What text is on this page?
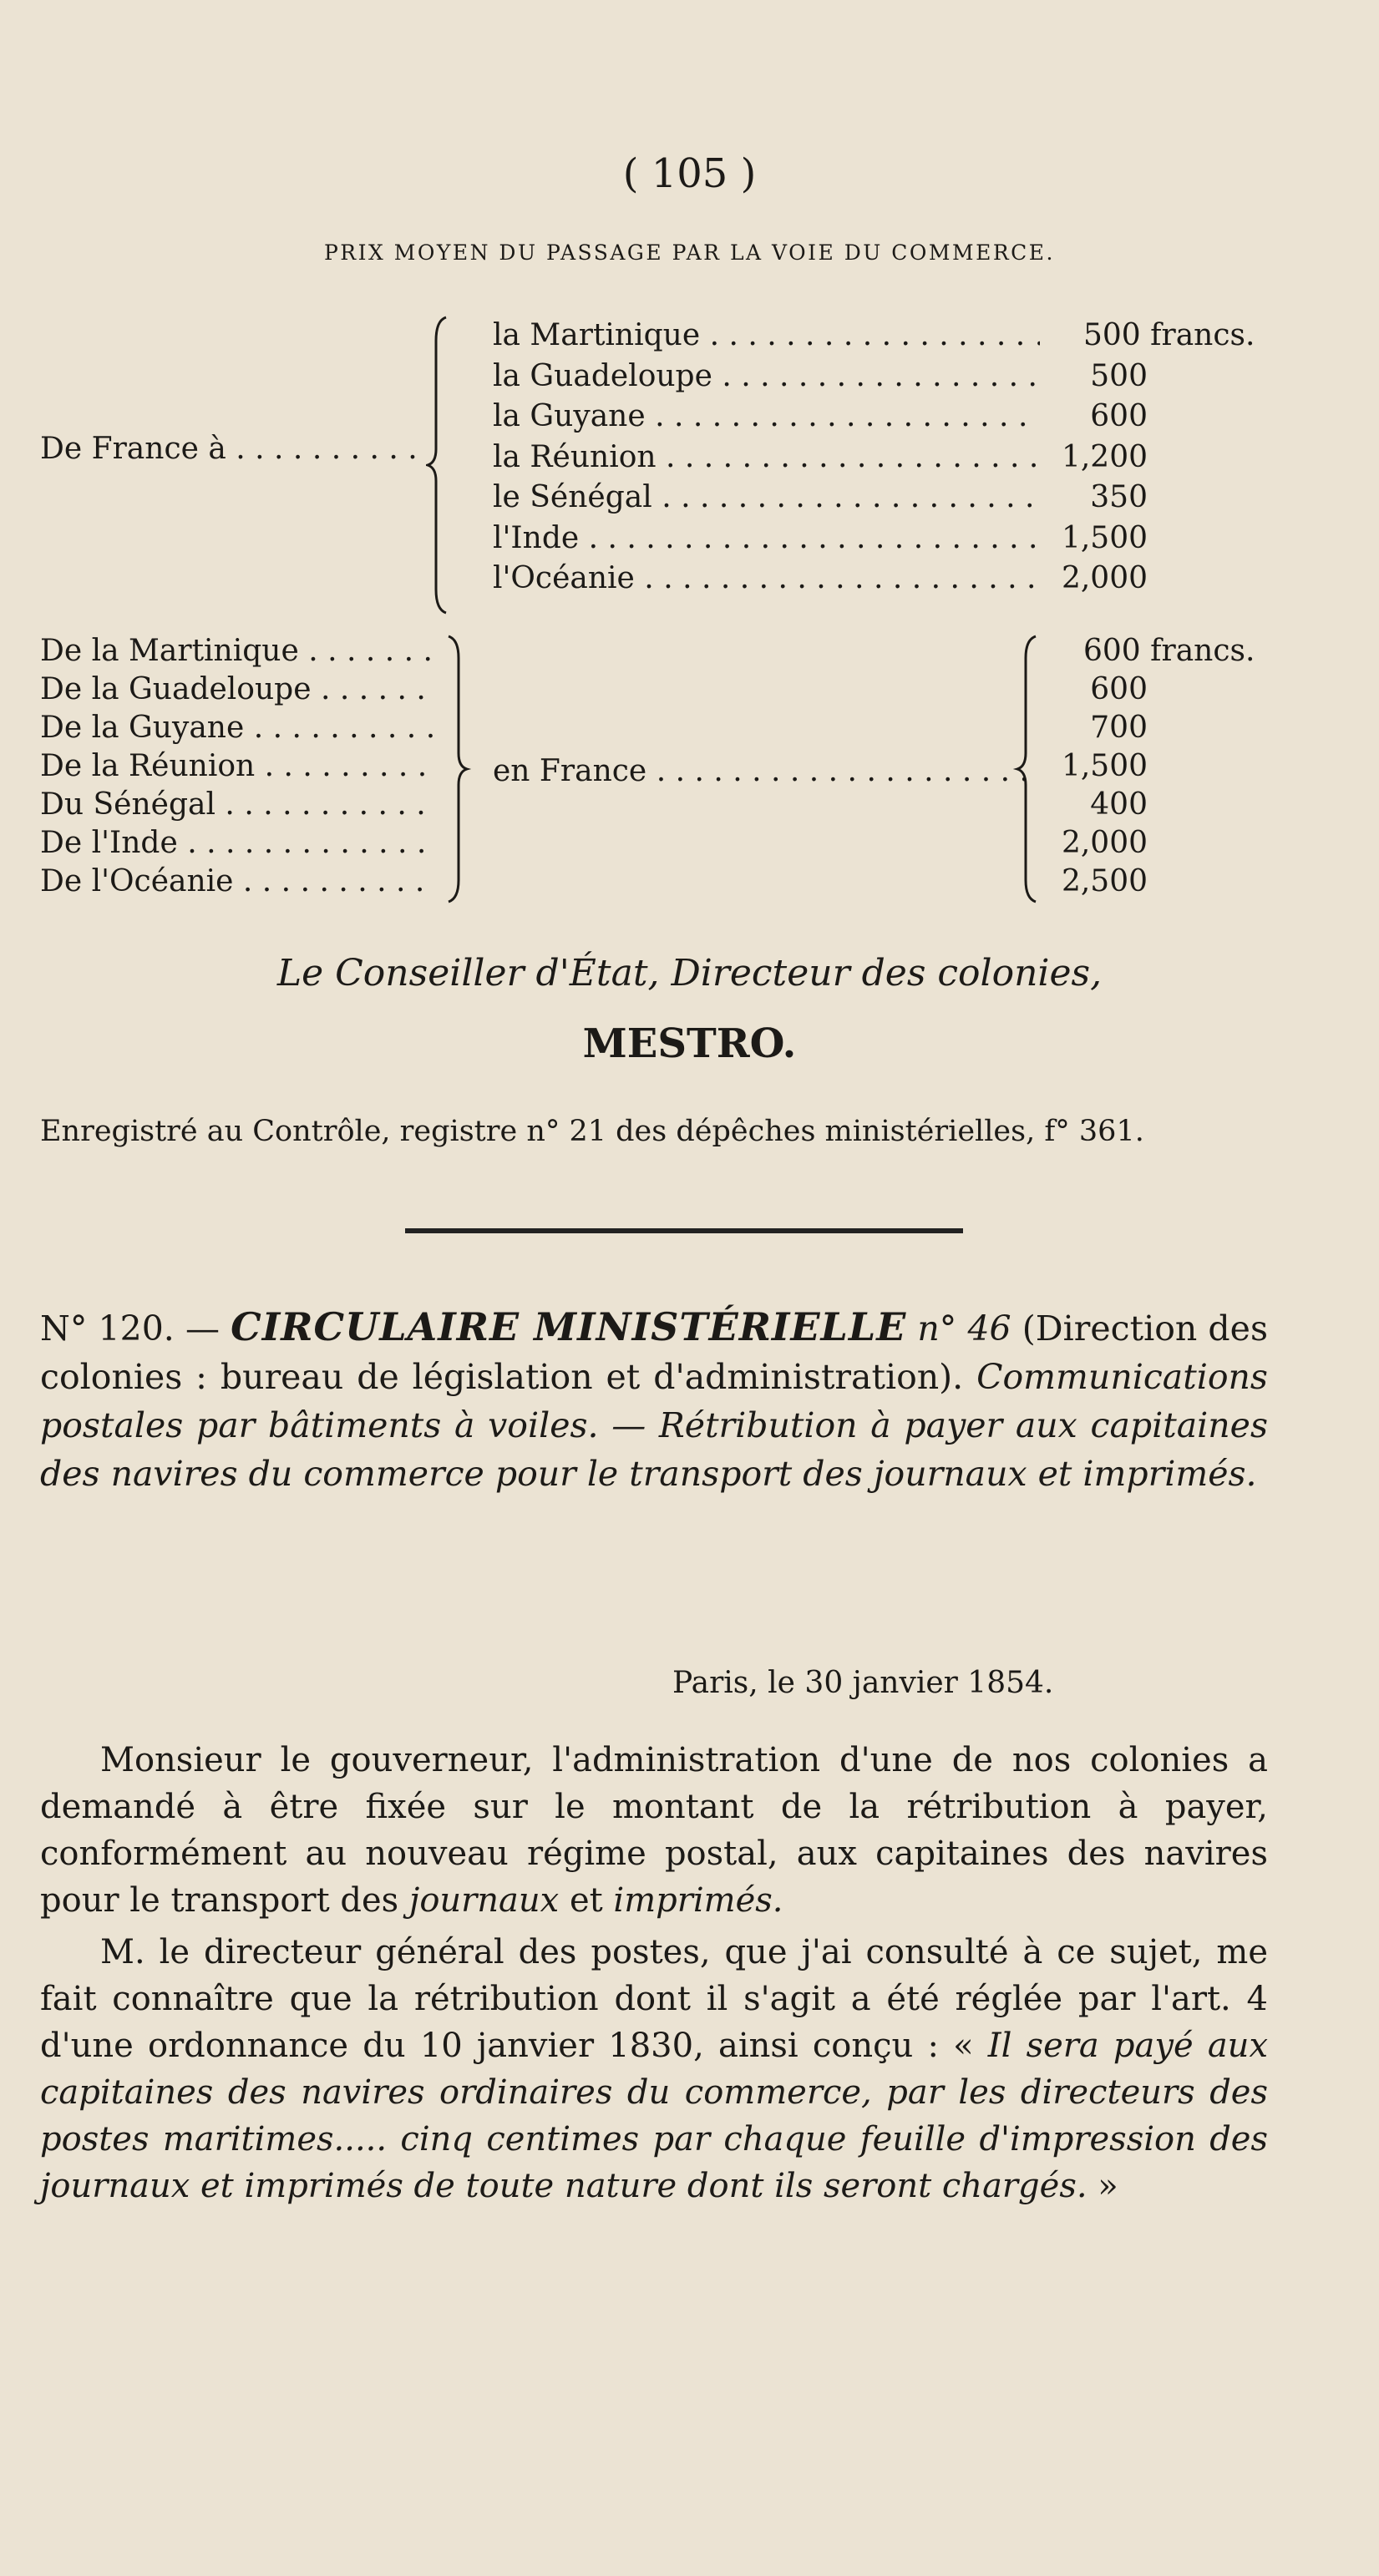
( 105 )
PRIX MOYEN DU PASSAGE PAR LA VOIE DU COMMERCE.
De France à . . .
la Martinique . . .	500 francs.
la Guadeloupe . . .	500
la Guyane . . .	600
la Réunion . . .	1,200
le Sénégal . . .	350
l'Inde . . .	1,500
l'Océanie . . .	2,000
De la Martinique . . .	600 francs.
De la Guadeloupe . . .	600
De la Guyane . . .	700
De la Réunion . . .	1,500
Du Sénégal . . .	400
De l'Inde . . .	2,000
De l'Océanie . . .	2,500
en France . . .
Le Conseiller d'État, Directeur des colonies,
MESTRO.
Enregistré au Contrôle, registre n° 21 des dépêches ministérielles, f° 361.
N° 120. — CIRCULAIRE MINISTÉRIELLE n° 46 (Direction des colonies : bureau de législation et d'administration). Communications postales par bâtiments à voiles. — Rétribution à payer aux capitaines des navires du commerce pour le transport des journaux et imprimés.
Paris, le 30 janvier 1854.
Monsieur le gouverneur, l'administration d'une de nos colonies a demandé à être fixée sur le montant de la rétribution à payer, conformément au nouveau régime postal, aux capitaines des navires pour le transport des journaux et imprimés.
M. le directeur général des postes, que j'ai consulté à ce sujet, me fait connaître que la rétribution dont il s'agit a été réglée par l'art. 4 d'une ordonnance du 10 janvier 1830, ainsi conçu : « Il sera payé aux capitaines des navires ordinaires du commerce, par les directeurs des postes maritimes..... cinq centimes par chaque feuille d'impression des journaux et imprimés de toute nature dont ils seront chargés. »
